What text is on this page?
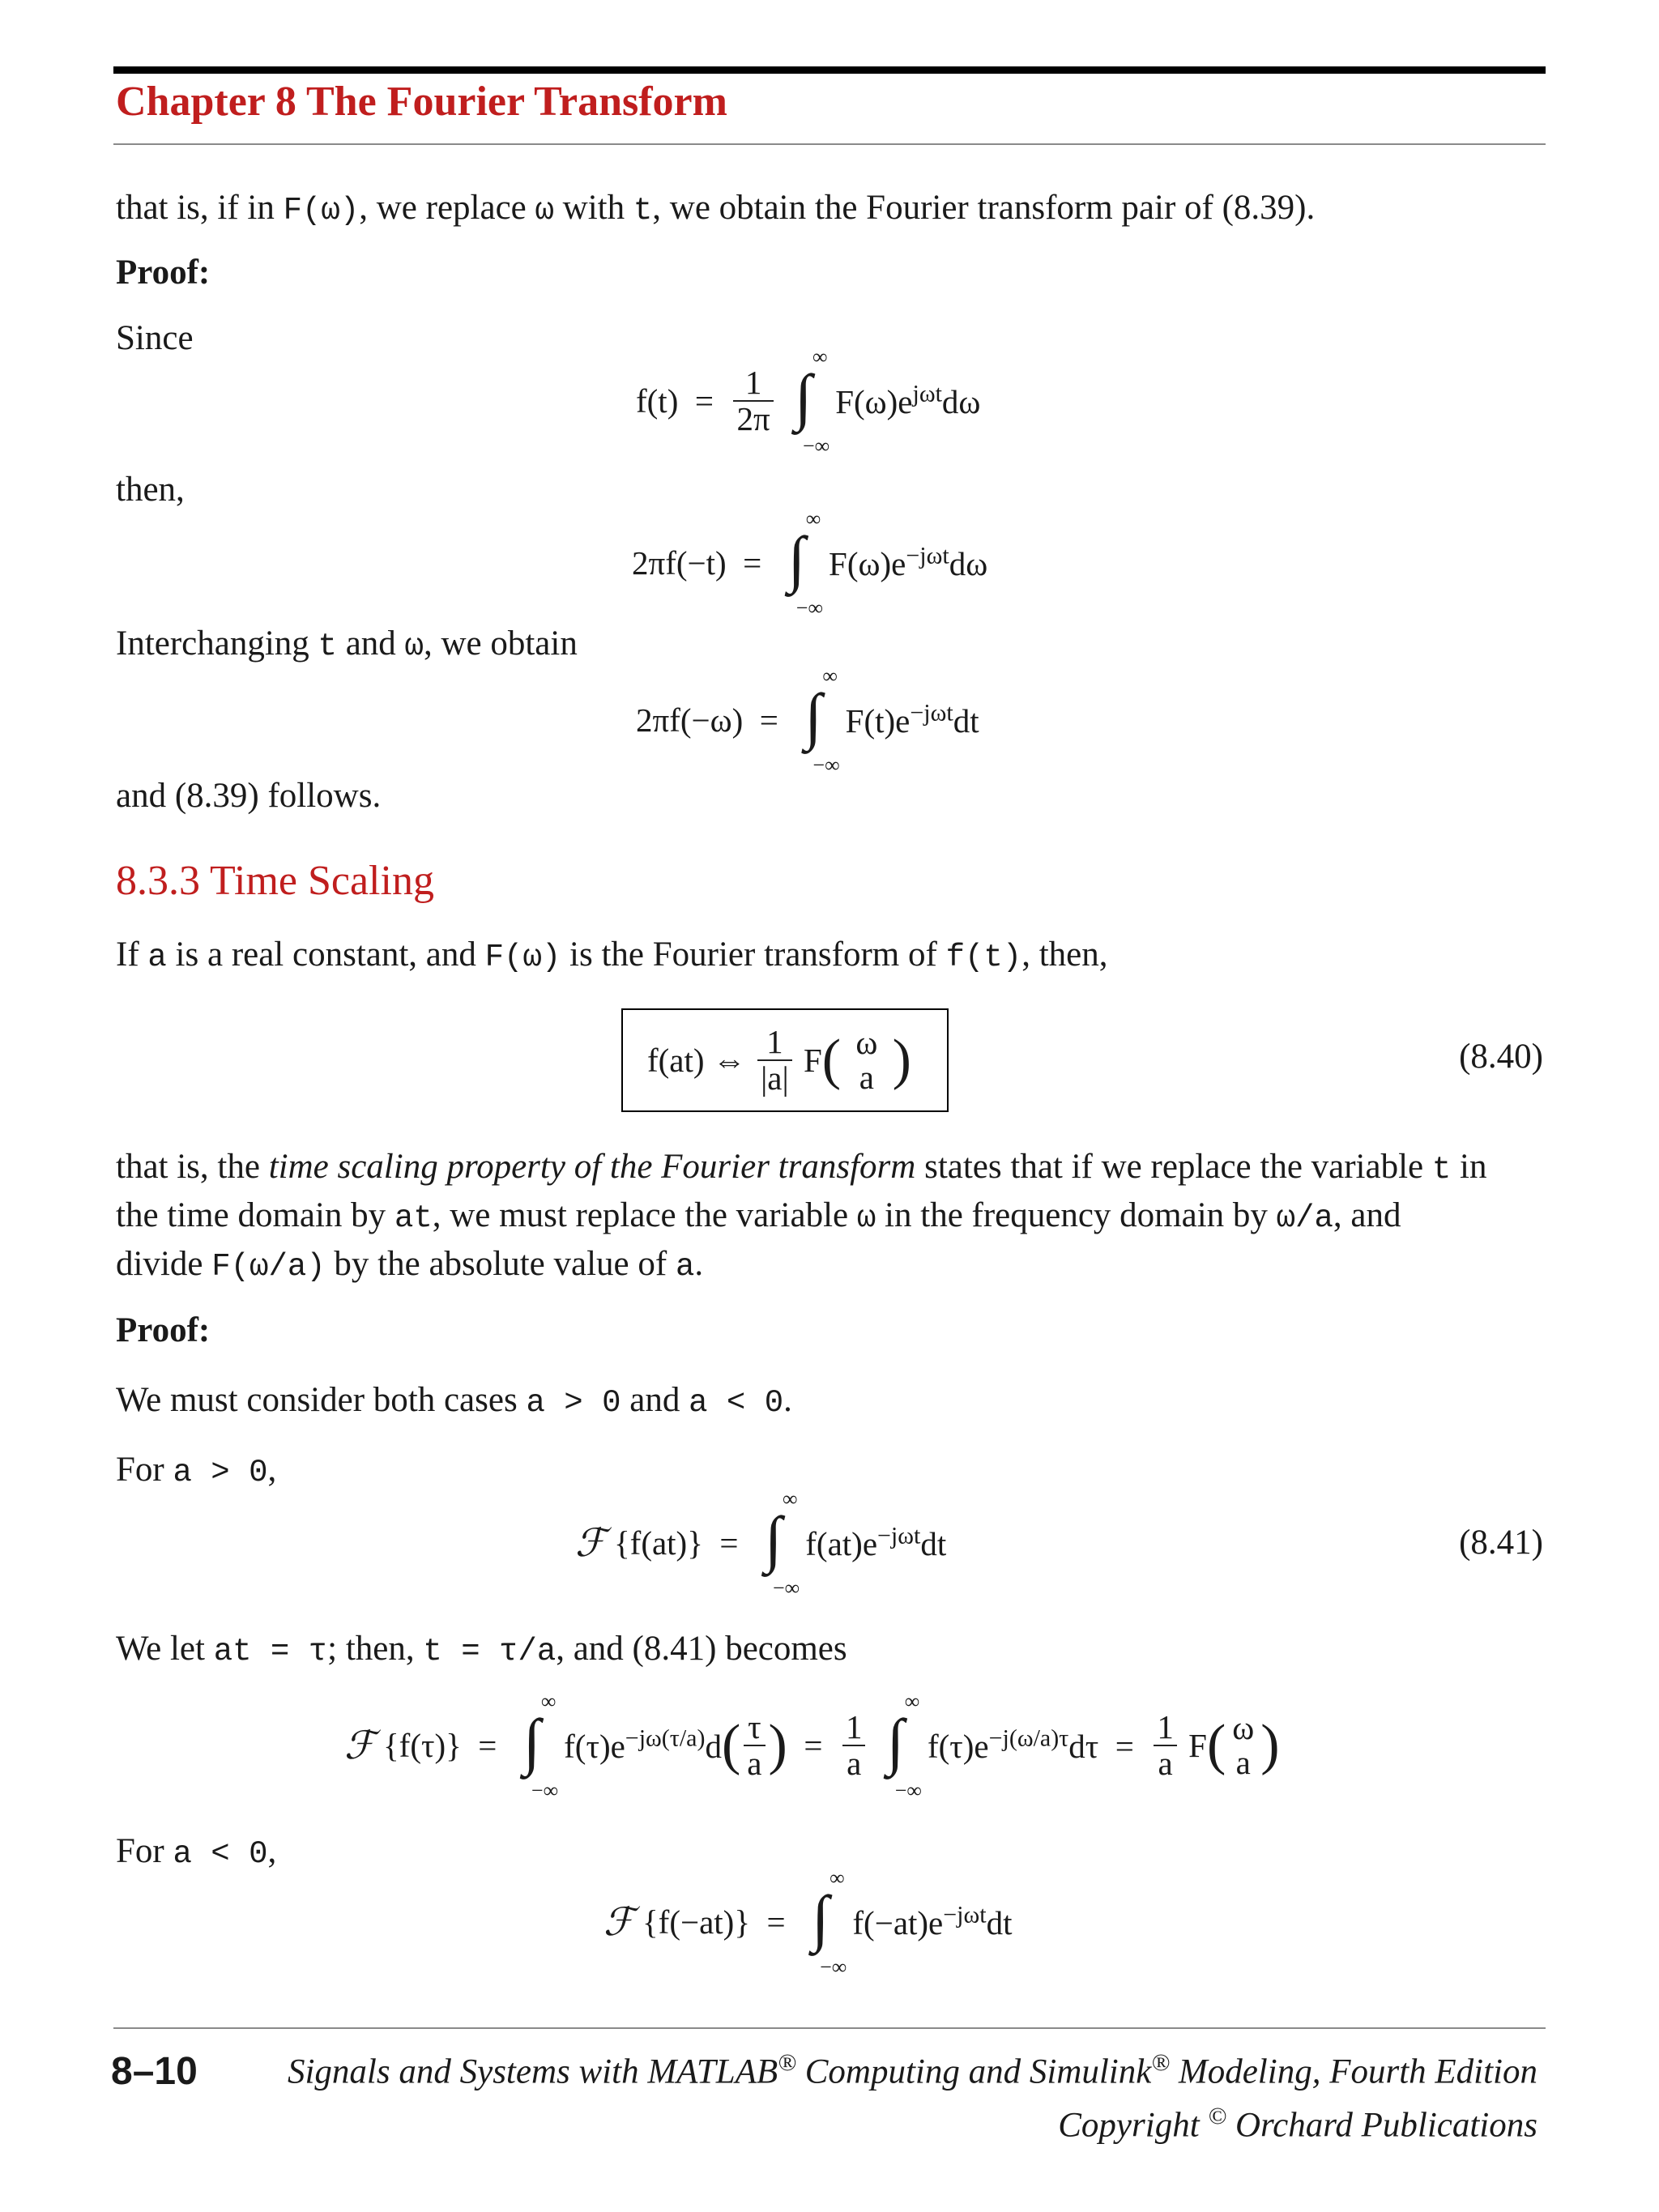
Chapter 8 The Fourier Transform
that is, if in F(ω), we replace ω with t, we obtain the Fourier transform pair of (8.39).
Proof:
Since
$f(t) = \frac{1}{2\pi}$
∫
∞
−∞
$F(\omega)e^{j\omega t}d\omega$
then,
2πf(−t)  = ∫
∞
−∞
$F(\omega)e^{-j\omega t}d\omega$
Interchanging t and ω, we obtain
2πf(−ω)  = ∫
∞
−∞
$F(t)e^{-j\omega t}dt$
and (8.39) follows.
8.3.3 Time Scaling
If a is a real constant, and F(ω) is the Fourier transform of f(t), then,
f(at) ⇔ $\frac{1}{|a|} F$( ω
a )	(8.40)
that is, the time scaling property of the Fourier transform states that if we replace the variable t in
the time domain by at, we must replace the variable ω in the frequency domain by ω/a, and
divide F(ω/a) by the absolute value of a.
Proof:
We must consider both cases a > 0 and a < 0.
For a > 0,
ℱ {f(at)}  = ∫
∞
−∞
$f(at)e^{-j\omega t}dt$	(8.41)
We let at = τ; then, t = τ/a, and (8.41) becomes
ℱ {f(τ)}  = ∫
∞
−∞
$f(\tau)e^{-j\omega(\tau/a)}d( \frac{\tau}{a}$ )  = $\frac{1}{a}$
∫
∞
−∞
$f(\tau)e^{-j(\omega/a)\tau}d\tau = \frac{1}{a} F$( ω
a )
For a < 0,
ℱ {f(−at)}  = ∫
∞
−∞
$f(-at)e^{-j\omega t}dt$
8–10	Signals and Systems with MATLAB® Computing and Simulink® Modeling, Fourth Edition
Copyright © Orchard Publications
